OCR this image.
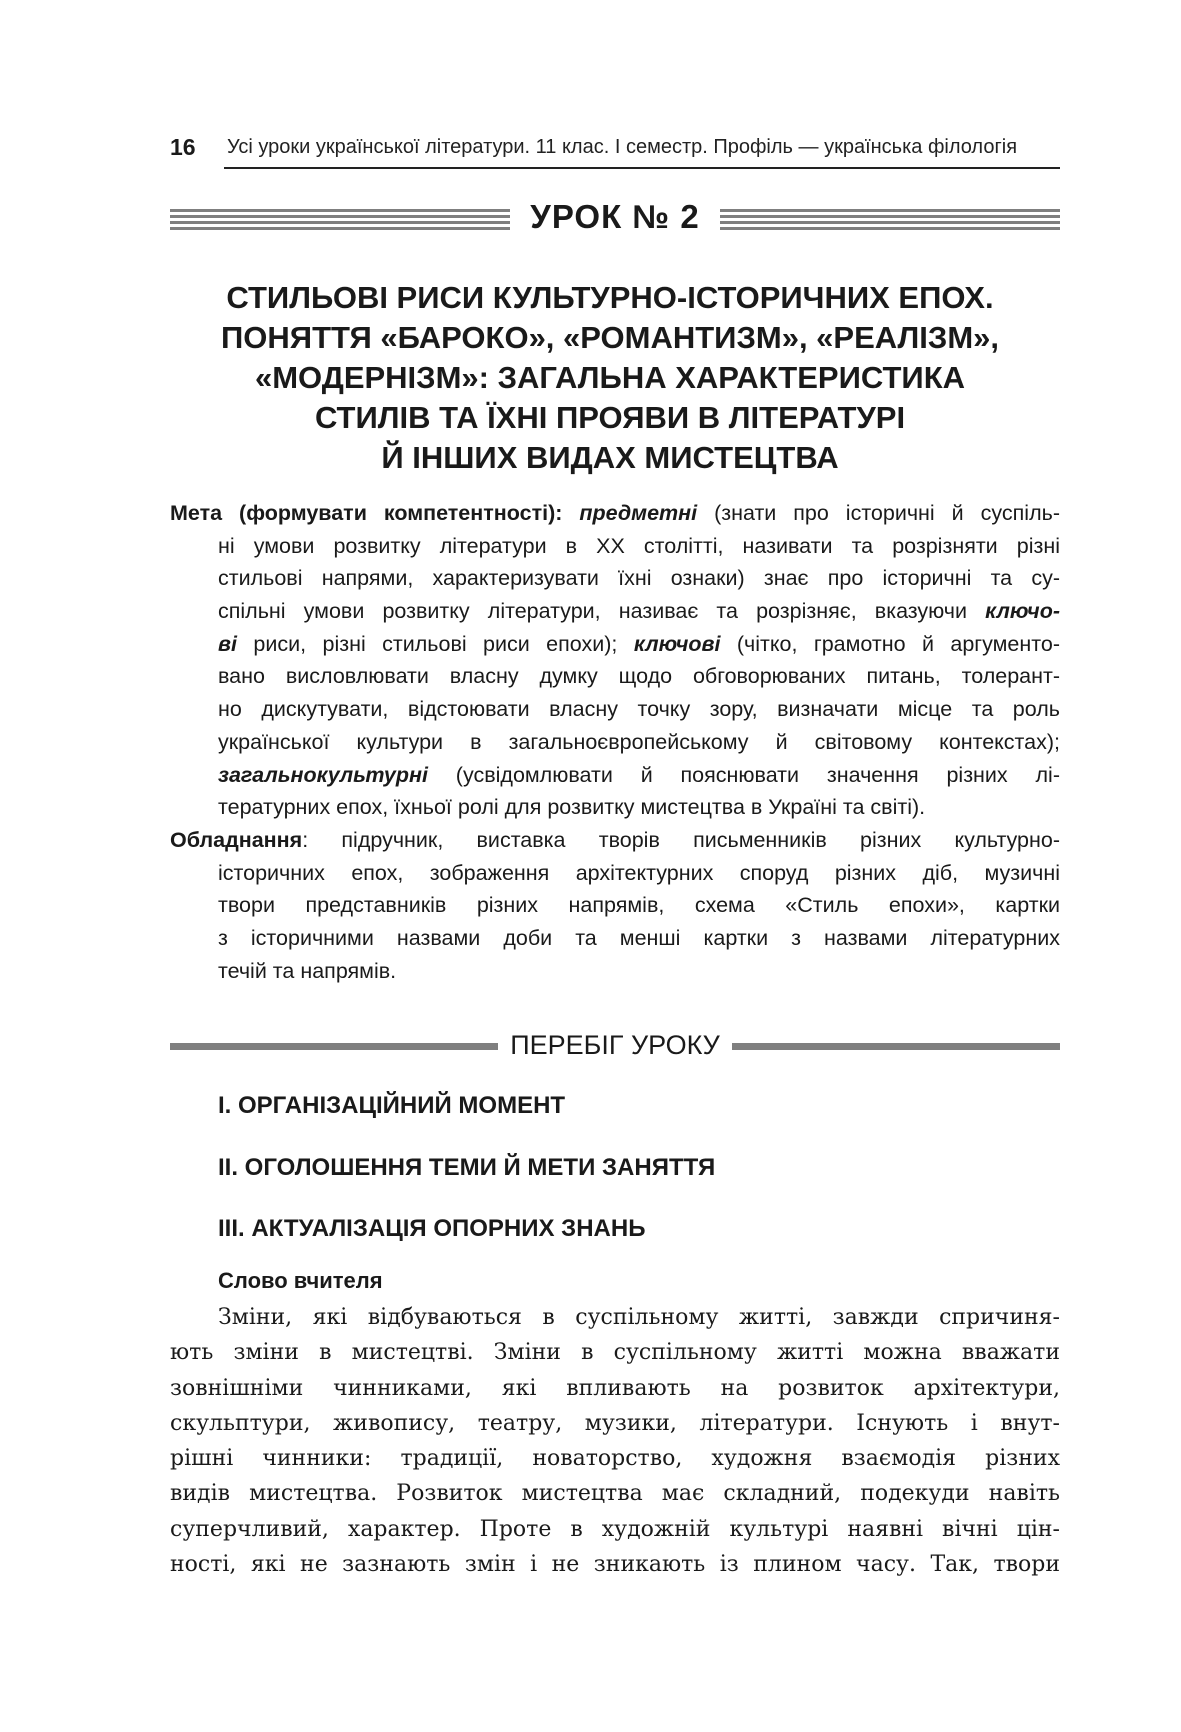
16 Усі уроки української літератури. 11 клас. І семестр. Профіль — українська філологія
УРОК № 2
СТИЛЬОВІ РИСИ КУЛЬТУРНО-ІСТОРИЧНИХ ЕПОХ.
ПОНЯТТЯ «БАРОКО», «РОМАНТИЗМ», «РЕАЛІЗМ»,
«МОДЕРНІЗМ»: ЗАГАЛЬНА ХАРАКТЕРИСТИКА
СТИЛІВ ТА ЇХНІ ПРОЯВИ В ЛІТЕРАТУРІ
Й ІНШИХ ВИДАХ МИСТЕЦТВА
Мета (формувати компетентності): предметні (знати про історичні й суспіль-
ні умови розвитку літератури в XX столітті, називати та розрізняти різні
стильові напрями, характеризувати їхні ознаки) знає про історичні та су-
спільні умови розвитку літератури, називає та розрізняє, вказуючи ключо-
ві риси, різні стильові риси епохи); ключові (чітко, грамотно й аргументо-
вано висловлювати власну думку щодо обговорюваних питань, толерант-
но дискутувати, відстоювати власну точку зору, визначати місце та роль
української культури в загальноєвропейському й світовому контекстах);
загальнокультурні (усвідомлювати й пояснювати значення різних лі-
тературних епох, їхньої ролі для розвитку мистецтва в Україні та світі).
Обладнання: підручник, виставка творів письменників різних культурно-
історичних епох, зображення архітектурних споруд різних діб, музичні
твори представників різних напрямів, схема «Стиль епохи», картки
з історичними назвами доби та менші картки з назвами літературних
течій та напрямів.
ПЕРЕБІГ УРОКУ
I. ОРГАНІЗАЦІЙНИЙ МОМЕНТ
II. ОГОЛОШЕННЯ ТЕМИ Й МЕТИ ЗАНЯТТЯ
III. АКТУАЛІЗАЦІЯ ОПОРНИХ ЗНАНЬ
Слово вчителя
Зміни, які відбуваються в суспільному житті, завжди спричиня-
ють зміни в мистецтві. Зміни в суспільному житті можна вважати
зовнішніми чинниками, які впливають на розвиток архітектури,
скульптури, живопису, театру, музики, літератури. Існують і внут-
рішні чинники: традиції, новаторство, художня взаємодія різних
видів мистецтва. Розвиток мистецтва має складний, подекуди навіть
суперчливий, характер. Проте в художній культурі наявні вічні цін-
ності, які не зазнають змін і не зникають із плином часу. Так, твори
